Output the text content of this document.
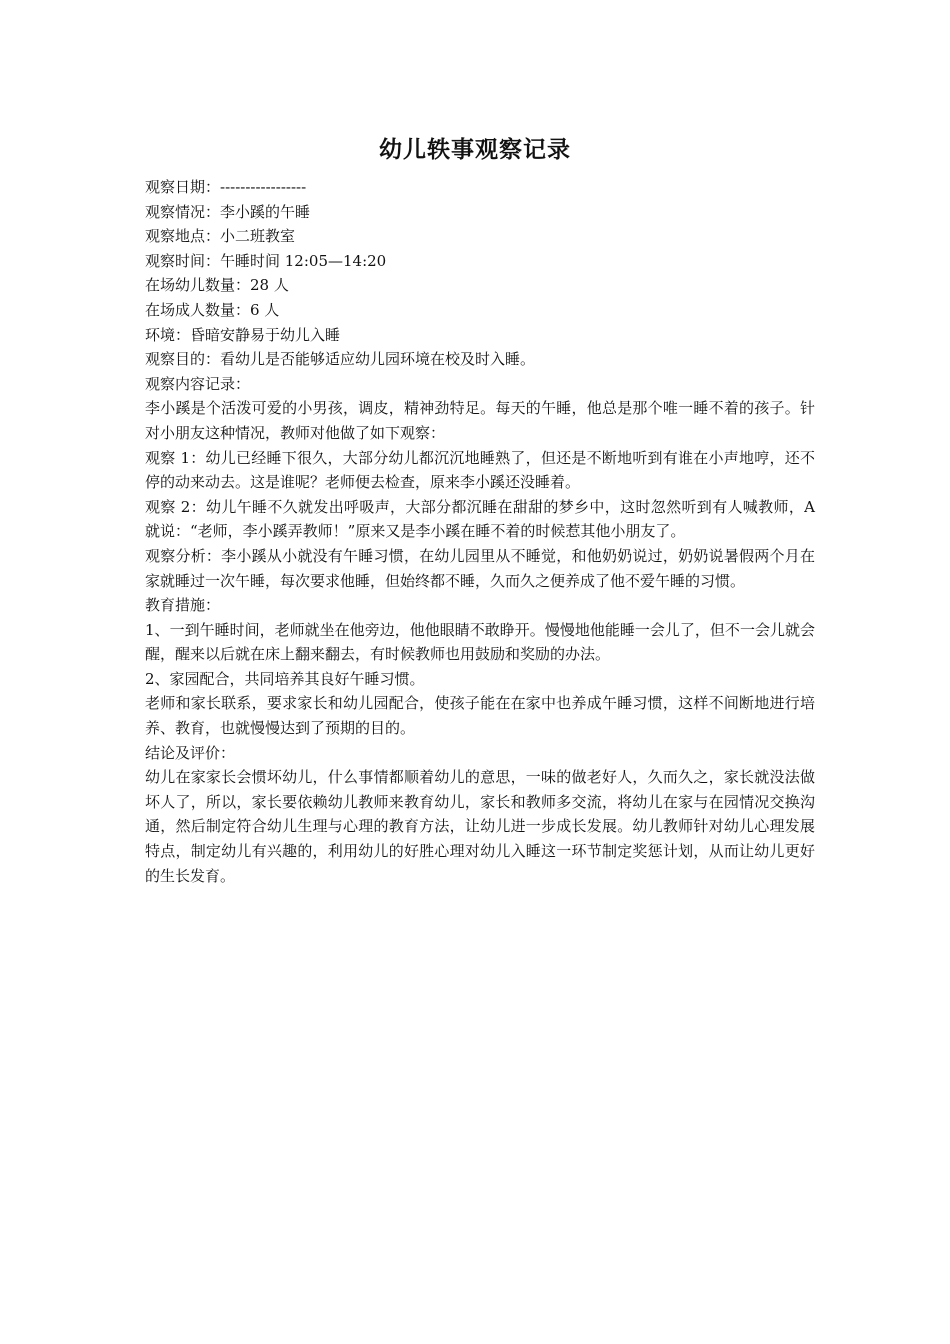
幼儿轶事观察记录

观察日期：-----------------

观察情况：李小蹊的午睡

观察地点：小二班教室

观察时间：午睡时间 12:05—14:20

在场幼儿数量：28 人

在场成人数量：6 人

环境：昏暗安静易于幼儿入睡

观察目的：看幼儿是否能够适应幼儿园环境在校及时入睡。

观察内容记录：

李小蹊是个活泼可爱的小男孩，调皮，精神劲特足。每天的午睡，他总是那个唯一睡不着的孩子。针对小朋友这种情况，教师对他做了如下观察：

观察 1：幼儿已经睡下很久，大部分幼儿都沉沉地睡熟了，但还是不断地听到有谁在小声地哼，还不停的动来动去。这是谁呢？老师便去检查，原来李小蹊还没睡着。

观察 2：幼儿午睡不久就发出呼吸声，大部分都沉睡在甜甜的梦乡中，这时忽然听到有人喊教师，A 就说：“老师，李小蹊弄教师！”原来又是李小蹊在睡不着的时候惹其他小朋友了。

观察分析：李小蹊从小就没有午睡习惯，在幼儿园里从不睡觉，和他奶奶说过，奶奶说暑假两个月在家就睡过一次午睡，每次要求他睡，但始终都不睡，久而久之便养成了他不爱午睡的习惯。

教育措施：

1、一到午睡时间，老师就坐在他旁边，他他眼睛不敢睁开。慢慢地他能睡一会儿了，但不一会儿就会醒，醒来以后就在床上翻来翻去，有时候教师也用鼓励和奖励的办法。

2、家园配合，共同培养其良好午睡习惯。

老师和家长联系，要求家长和幼儿园配合，使孩子能在在家中也养成午睡习惯，这样不间断地进行培养、教育，也就慢慢达到了预期的目的。

结论及评价：

幼儿在家家长会惯坏幼儿，什么事情都顺着幼儿的意思，一味的做老好人，久而久之，家长就没法做坏人了，所以，家长要依赖幼儿教师来教育幼儿，家长和教师多交流，将幼儿在家与在园情况交换沟通，然后制定符合幼儿生理与心理的教育方法，让幼儿进一步成长发展。幼儿教师针对幼儿心理发展特点，制定幼儿有兴趣的，利用幼儿的好胜心理对幼儿入睡这一环节制定奖惩计划，从而让幼儿更好的生长发育。
